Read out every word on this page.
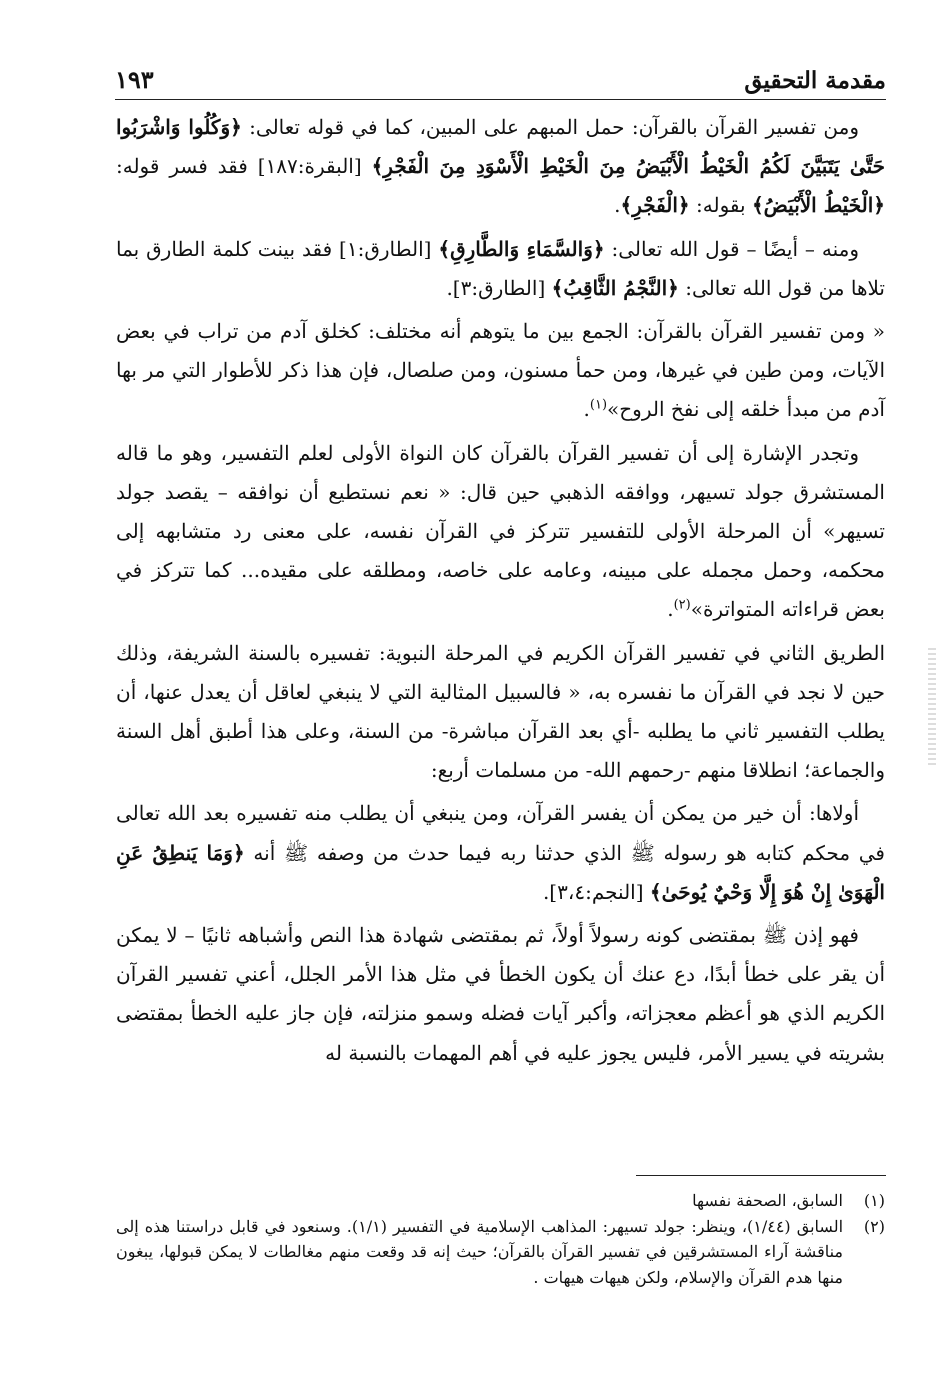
مقدمة التحقيق
١٩٣

ومن تفسير القرآن بالقرآن: حمل المبهم على المبين، كما في قوله تعالى: ﴿وَكُلُوا وَاشْرَبُوا حَتَّىٰ يَتَبَيَّنَ لَكُمُ الْخَيْطُ الْأَبْيَضُ مِنَ الْخَيْطِ الْأَسْوَدِ مِنَ الْفَجْرِ﴾ [البقرة:١٨٧] فقد فسر قوله: ﴿الْخَيْطُ الْأَبْيَضُ﴾ بقوله: ﴿الْفَجْرِ﴾.

ومنه – أيضًا – قول الله تعالى: ﴿وَالسَّمَاءِ وَالطَّارِقِ﴾ [الطارق:١] فقد بينت كلمة الطارق بما تلاها من قول الله تعالى: ﴿النَّجْمُ الثَّاقِبُ﴾ [الطارق:٣].

« ومن تفسير القرآن بالقرآن: الجمع بين ما يتوهم أنه مختلف: كخلق آدم من تراب في بعض الآيات، ومن طين في غيرها، ومن حمأ مسنون، ومن صلصال، فإن هذا ذكر للأطوار التي مر بها آدم من مبدأ خلقه إلى نفخ الروح»$^{(١)}$.

وتجدر الإشارة إلى أن تفسير القرآن بالقرآن كان النواة الأولى لعلم التفسير، وهو ما قاله المستشرق جولد تسيهر، ووافقه الذهبي حين قال: « نعم نستطيع أن نوافقه – يقصد جولد تسيهر» أن المرحلة الأولى للتفسير تتركز في القرآن نفسه، على معنى رد متشابهه إلى محكمه، وحمل مجمله على مبينه، وعامه على خاصه، ومطلقه على مقيده... كما تتركز في بعض قراءاته المتواترة»$^{(٢)}$.

الطريق الثاني في تفسير القرآن الكريم في المرحلة النبوية: تفسيره بالسنة الشريفة، وذلك حين لا نجد في القرآن ما نفسره به، « فالسبيل المثالية التي لا ينبغي لعاقل أن يعدل عنها، أن يطلب التفسير ثاني ما يطلبه -أي بعد القرآن مباشرة- من السنة، وعلى هذا أطبق أهل السنة والجماعة؛ انطلاقا منهم -رحمهم الله- من مسلمات أربع:

أولاها: أن خير من يمكن أن يفسر القرآن، ومن ينبغي أن يطلب منه تفسيره بعد الله تعالى في محكم كتابه هو رسوله ﷺ الذي حدثنا ربه فيما حدث من وصفه ﷺ أنه ﴿وَمَا يَنطِقُ عَنِ الْهَوَىٰ إِنْ هُوَ إِلَّا وَحْيٌ يُوحَىٰ﴾ [النجم:٣،٤].

فهو إذن ﷺ بمقتضى كونه رسولاً أولاً، ثم بمقتضى شهادة هذا النص وأشباهه ثانيًا – لا يمكن أن يقر على خطأ أبدًا، دع عنك أن يكون الخطأ في مثل هذا الأمر الجلل، أعني تفسير القرآن الكريم الذي هو أعظم معجزاته، وأكبر آيات فضله وسمو منزلته، فإن جاز عليه الخطأ بمقتضى بشريته في يسير الأمر، فليس يجوز عليه في أهم المهمات بالنسبة له

(١)
السابق، الصحفة نفسها

(٢)
السابق (١/٤٤)، وينظر: جولد تسيهر: المذاهب الإسلامية في التفسير (١/١). وسنعود في قابل دراستنا هذه إلى مناقشة آراء المستشرقين في تفسير القرآن بالقرآن؛ حيث إنه قد وقعت منهم مغالطات لا يمكن قبولها، يبغون منها هدم القرآن والإسلام، ولكن هيهات هيهات .
